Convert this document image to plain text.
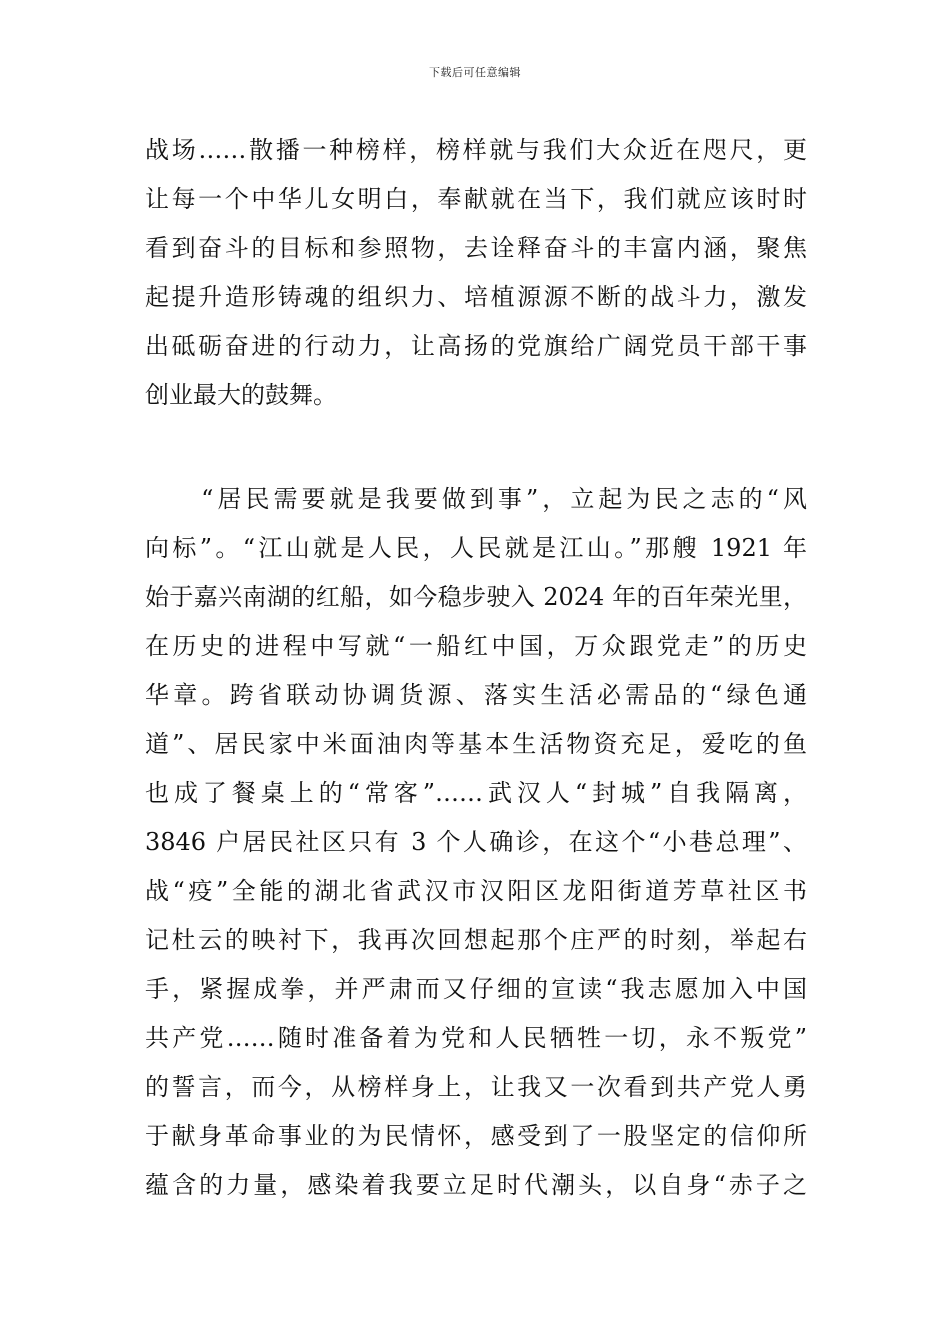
下载后可任意编辑
战场……散播一种榜样，榜样就与我们大众近在咫尺，更
让每一个中华儿女明白，奉献就在当下，我们就应该时时
看到奋斗的目标和参照物，去诠释奋斗的丰富内涵，聚焦
起提升造形铸魂的组织力、培植源源不断的战斗力，激发
出砥砺奋进的行动力，让高扬的党旗给广阔党员干部干事
创业最大的鼓舞。
　　“居民需要就是我要做到事”，立起为民之志的“风
向标”。“江山就是人民，人民就是江山。”那艘 1921 年
始于嘉兴南湖的红船，如今稳步驶入 2024 年的百年荣光里，
在历史的进程中写就“一船红中国，万众跟党走”的历史
华章。跨省联动协调货源、落实生活必需品的“绿色通
道”、居民家中米面油肉等基本生活物资充足，爱吃的鱼
也成了餐桌上的“常客”……武汉人“封城”自我隔离，
3846 户居民社区只有 3 个人确诊，在这个“小巷总理”、
战“疫”全能的湖北省武汉市汉阳区龙阳街道芳草社区书
记杜云的映衬下，我再次回想起那个庄严的时刻，举起右
手，紧握成拳，并严肃而又仔细的宣读“我志愿加入中国
共产党……随时准备着为党和人民牺牲一切，永不叛党”
的誓言，而今，从榜样身上，让我又一次看到共产党人勇
于献身革命事业的为民情怀，感受到了一股坚定的信仰所
蕴含的力量，感染着我要立足时代潮头，以自身“赤子之
